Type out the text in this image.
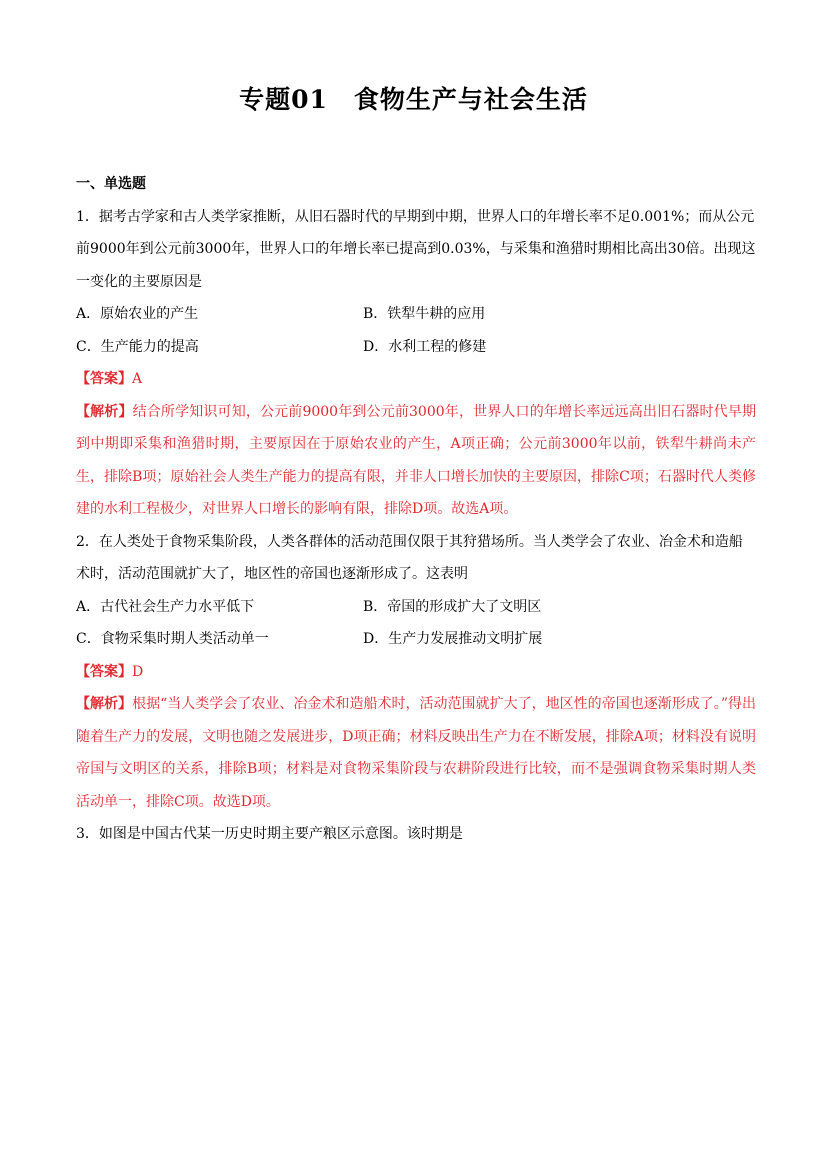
专题01　食物生产与社会生活
一、单选题
1．据考古学家和古人类学家推断，从旧石器时代的早期到中期，世界人口的年增长率不足0.001%；而从公元前9000年到公元前3000年，世界人口的年增长率已提高到0.03%，与采集和渔猎时期相比高出30倍。出现这一变化的主要原因是
A．原始农业的产生	B．铁犁牛耕的应用
C．生产能力的提高	D．水利工程的修建
【答案】A
【解析】结合所学知识可知，公元前9000年到公元前3000年，世界人口的年增长率远远高出旧石器时代早期到中期即采集和渔猎时期，主要原因在于原始农业的产生，A项正确；公元前3000年以前，铁犁牛耕尚未产生，排除B项；原始社会人类生产能力的提高有限，并非人口增长加快的主要原因，排除C项；石器时代人类修建的水利工程极少，对世界人口增长的影响有限，排除D项。故选A项。
2．在人类处于食物采集阶段，人类各群体的活动范围仅限于其狩猎场所。当人类学会了农业、冶金术和造船术时，活动范围就扩大了，地区性的帝国也逐渐形成了。这表明
A．古代社会生产力水平低下	B．帝国的形成扩大了文明区
C．食物采集时期人类活动单一	D．生产力发展推动文明扩展
【答案】D
【解析】根据“当人类学会了农业、冶金术和造船术时，活动范围就扩大了，地区性的帝国也逐渐形成了。”得出随着生产力的发展，文明也随之发展进步，D项正确；材料反映出生产力在不断发展，排除A项；材料没有说明帝国与文明区的关系，排除B项；材料是对食物采集阶段与农耕阶段进行比较，而不是强调食物采集时期人类活动单一，排除C项。故选D项。
3．如图是中国古代某一历史时期主要产粮区示意图。该时期是
